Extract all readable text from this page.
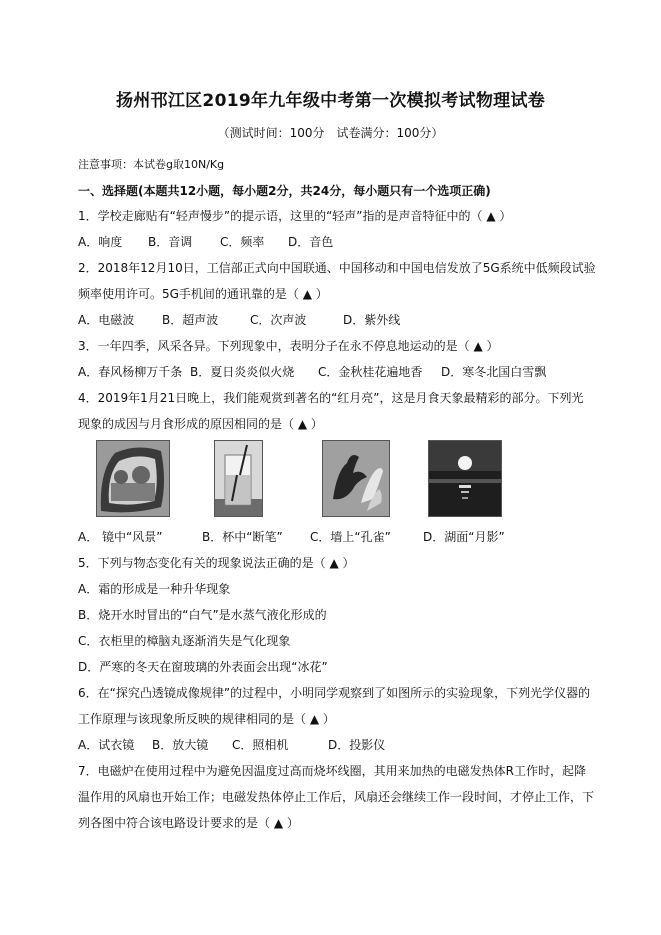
扬州邗江区2019年九年级中考第一次模拟考试物理试卷
（测试时间：100分　试卷满分：100分）
注意事项：本试卷g取10N/Kg
一、选择题(本题共12小题，每小题2分，共24分，每小题只有一个选项正确)
1．学校走廊贴有“轻声慢步”的提示语，这里的“轻声”指的是声音特征中的（ ▲ ）
A．响度 B．音调 C．频率 D．音色
2．2018年12月10日，工信部正式向中国联通、中国移动和中国电信发放了5G系统中低频段试验
频率使用许可。5G手机间的通讯靠的是（ ▲ ）
A．电磁波 B．超声波	C．次声波	D．紫外线
3．一年四季，风采各异。下列现象中，表明分子在永不停息地运动的是（ ▲ ）
A．春风杨柳万千条 B．夏日炎炎似火烧 C．金秋桂花遍地香 D．寒冬北国白雪飘
4．2019年1月21日晚上，我们能观赏到著名的“红月亮”，这是月食天象最精彩的部分。下列光
现象的成因与月食形成的原因相同的是（ ▲ ）
A． 镜中“风景”	B．杯中“断笔” C．墙上“孔雀”	D．湖面“月影”
5．下列与物态变化有关的现象说法正确的是（ ▲ ）
A．霜的形成是一种升华现象
B．烧开水时冒出的“白气”是水蒸气液化形成的
C．衣柜里的樟脑丸逐渐消失是气化现象
D．严寒的冬天在窗玻璃的外表面会出现“冰花”
6．在“探究凸透镜成像规律”的过程中，小明同学观察到了如图所示的实验现象，下列光学仪器的
工作原理与该现象所反映的规律相同的是（ ▲ ）
A．试衣镜 B．放大镜 C．照相机	D．投影仪
7．电磁炉在使用过程中为避免因温度过高而烧坏线圈，其用来加热的电磁发热体R工作时，起降
温作用的风扇也开始工作；电磁发热体停止工作后，风扇还会继续工作一段时间，才停止工作，下
列各图中符合该电路设计要求的是（ ▲ ）
